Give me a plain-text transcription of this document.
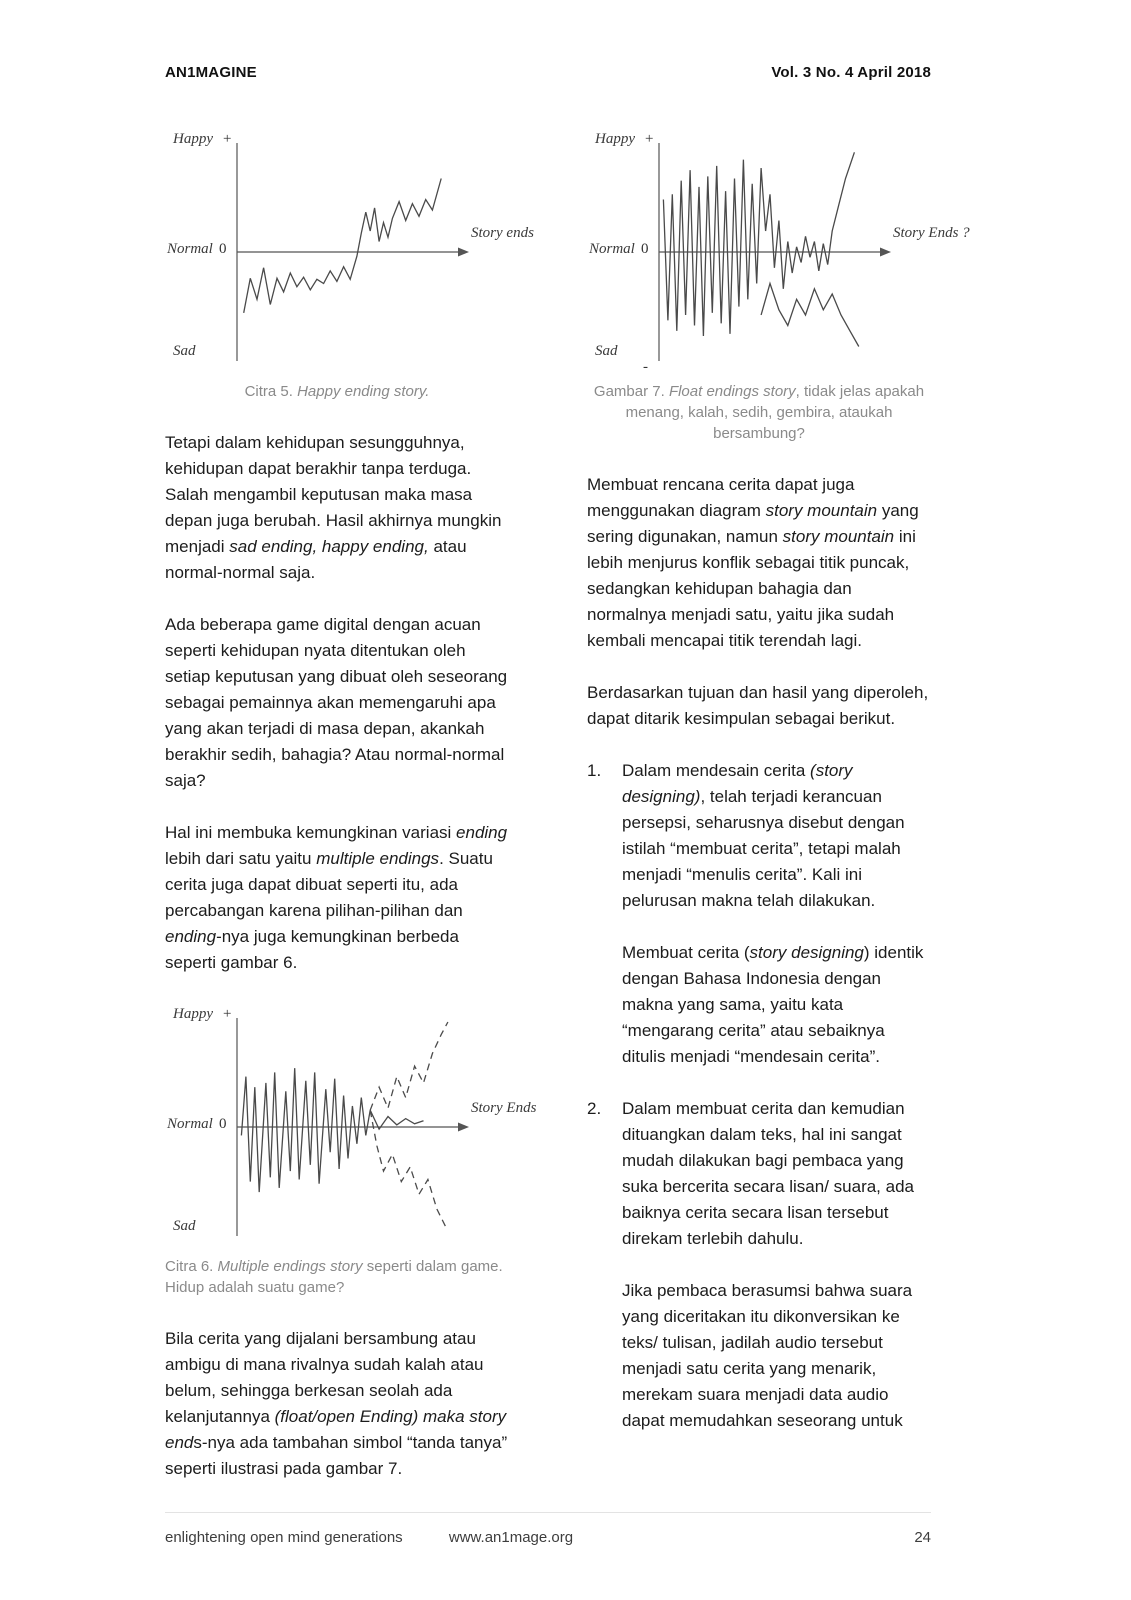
AN1MAGINE	Vol. 3 No. 4 April 2018
Happy +
Normal 0
Sad
Story ends
Citra 5. Happy ending story.

Tetapi dalam kehidupan sesungguhnya, kehidupan dapat berakhir tanpa terduga. Salah mengambil keputusan maka masa depan juga berubah. Hasil akhirnya mungkin menjadi sad ending, happy ending, atau normal-normal saja.

Ada beberapa game digital dengan acuan seperti kehidupan nyata ditentukan oleh setiap keputusan yang dibuat oleh seseorang sebagai pemainnya akan memengaruhi apa yang akan terjadi di masa depan, akankah berakhir sedih, bahagia? Atau normal-normal saja?

Hal ini membuka kemungkinan variasi ending lebih dari satu yaitu multiple endings. Suatu cerita juga dapat dibuat seperti itu, ada percabangan karena pilihan-pilihan dan ending-nya juga kemungkinan berbeda seperti gambar 6.

Happy +
Normal 0
Sad
Story Ends
Citra 6. Multiple endings story seperti dalam game. Hidup adalah suatu game?

Bila cerita yang dijalani bersambung atau ambigu di mana rivalnya sudah kalah atau belum, sehingga berkesan seolah ada kelanjutannya (float/open Ending) maka story ends-nya ada tambahan simbol “tanda tanya” seperti ilustrasi pada gambar 7.

Happy +
Normal 0
Sad
-
Story Ends ?
Gambar 7. Float endings story, tidak jelas apakah menang, kalah, sedih, gembira, ataukah bersambung?

Membuat rencana cerita dapat juga menggunakan diagram story mountain yang sering digunakan, namun story mountain ini lebih menjurus konflik sebagai titik puncak, sedangkan kehidupan bahagia dan normalnya menjadi satu, yaitu jika sudah kembali mencapai titik terendah lagi.

Berdasarkan tujuan dan hasil yang diperoleh, dapat ditarik kesimpulan sebagai berikut.

1.	Dalam mendesain cerita (story designing), telah terjadi kerancuan persepsi, seharusnya disebut dengan istilah “membuat cerita”, tetapi malah menjadi “menulis cerita”. Kali ini pelurusan makna telah dilakukan.

Membuat cerita (story designing) identik dengan Bahasa Indonesia dengan makna yang sama, yaitu kata “mengarang cerita” atau sebaiknya ditulis menjadi “mendesain cerita”.

2.	Dalam membuat cerita dan kemudian dituangkan dalam teks, hal ini sangat mudah dilakukan bagi pembaca yang suka bercerita secara lisan/ suara, ada baiknya cerita secara lisan tersebut direkam terlebih dahulu.

Jika pembaca berasumsi bahwa suara yang diceritakan itu dikonversikan ke teks/ tulisan, jadilah audio tersebut menjadi satu cerita yang menarik, merekam suara menjadi data audio dapat memudahkan seseorang untuk

enlightening open mind generations	www.an1mage.org	24
